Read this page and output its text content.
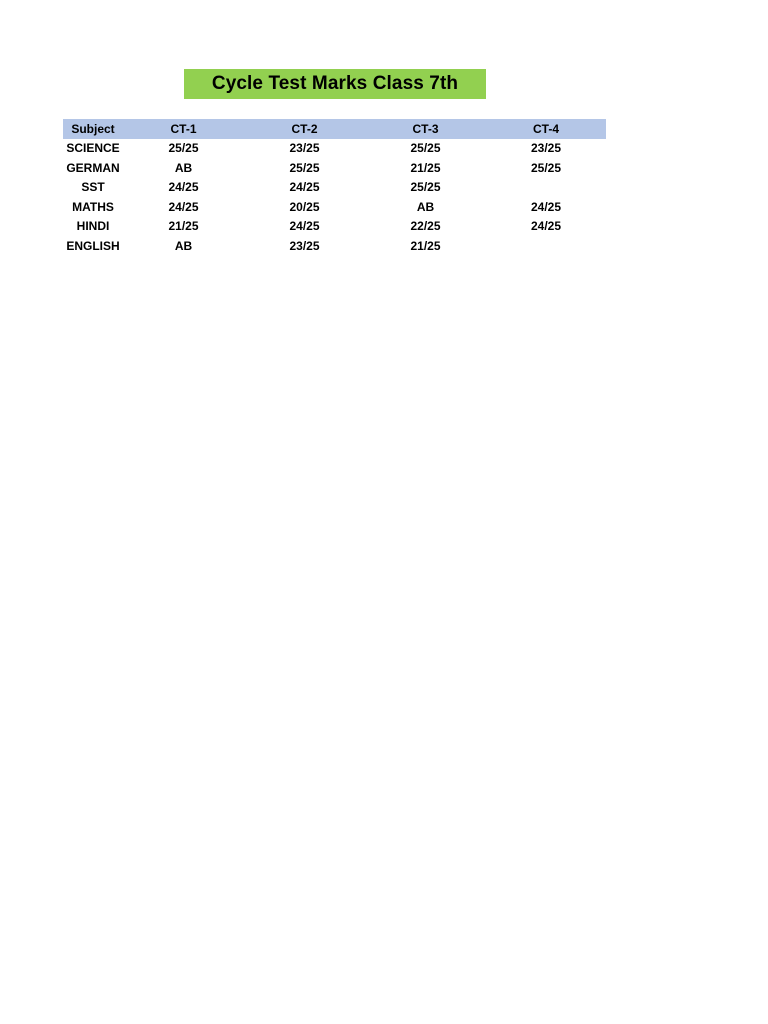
Cycle Test Marks Class 7th
Subject	CT-1	CT-2	CT-3	CT-4
SCIENCE	25/25	23/25	25/25	23/25
GERMAN	AB	25/25	21/25	25/25
SST	24/25	24/25	25/25	
MATHS	24/25	20/25	AB	24/25
HINDI	21/25	24/25	22/25	24/25
ENGLISH	AB	23/25	21/25	
